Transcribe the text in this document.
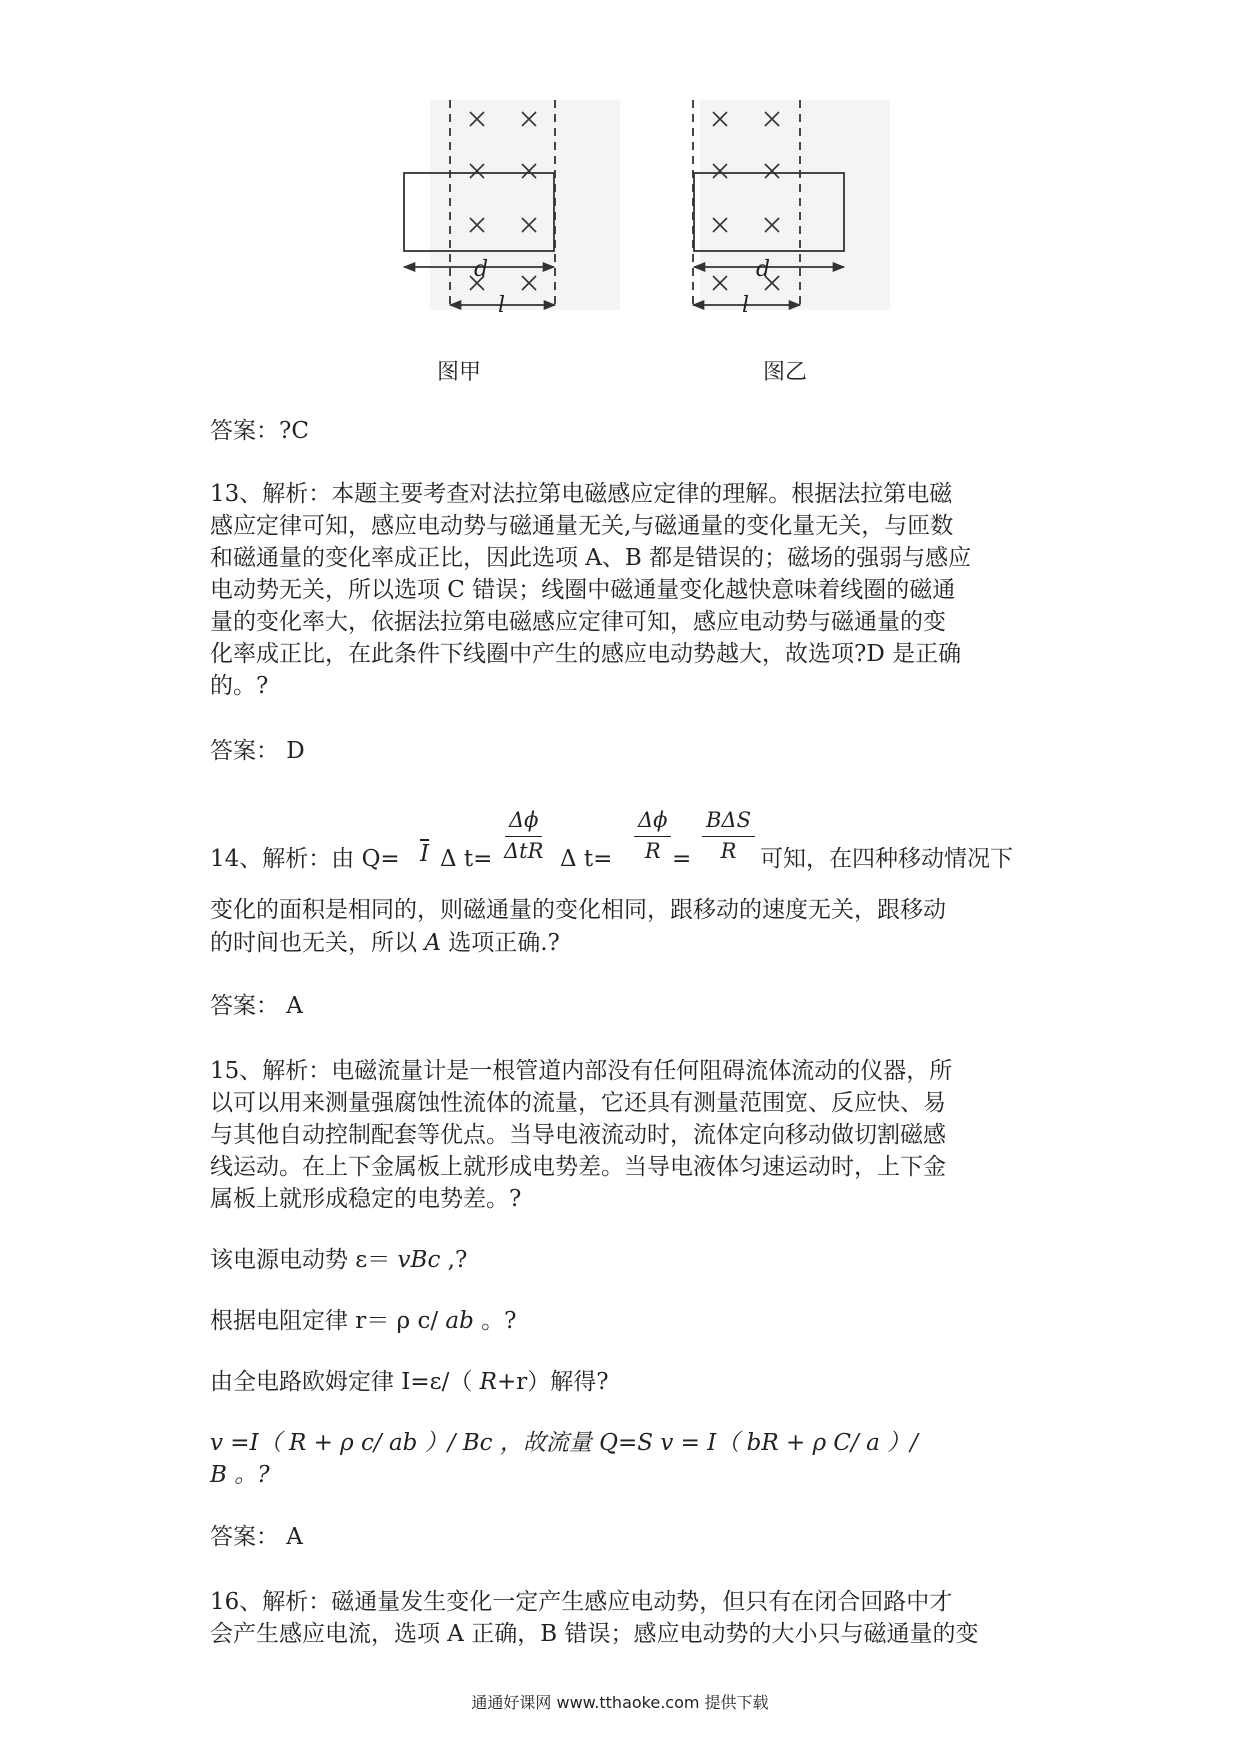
d
l
d
l
图甲	图乙
答案：?C
13、解析：本题主要考查对法拉第电磁感应定律的理解。根据法拉第电磁
感应定律可知，感应电动势与磁通量无关,与磁通量的变化量无关，与匝数
和磁通量的变化率成正比，因此选项 A、B 都是错误的；磁场的强弱与感应
电动势无关，所以选项 C 错误；线圈中磁通量变化越快意味着线圈的磁通
量的变化率大，依据法拉第电磁感应定律可知，感应电动势与磁通量的变
化率成正比，在此条件下线圈中产生的感应电动势越大，故选项?D 是正确
的。?
答案： D
14、解析：由 $Q= \overline{I}$ Δ t=
Δϕ
ΔtR Δ $t= \frac{\Delta\phi}{R}$ =
BΔS
R 可知，在四种移动情况下
变化的面积是相同的，则磁通量的变化相同，跟移动的速度无关，跟移动
的时间也无关，所以 A 选项正确.?
答案： A
15、解析：电磁流量计是一根管道内部没有任何阻碍流体流动的仪器，所
以可以用来测量强腐蚀性流体的流量，它还具有测量范围宽、反应快、易
与其他自动控制配套等优点。当导电液流动时，流体定向移动做切割磁感
线运动。在上下金属板上就形成电势差。当导电液体匀速运动时，上下金
属板上就形成稳定的电势差。?
该电源电动势 ε＝ vBc ,?
根据电阻定律 r＝ ρ c/ ab 。?
由全电路欧姆定律 I=ε/（ R+r）解得?
v =I（ R + ρ c/ ab ）/ Bc ，故流量 Q=S v = I（ bR + ρ C/ a ）/
B 。?
答案： A
16、解析：磁通量发生变化一定产生感应电动势，但只有在闭合回路中才
会产生感应电流，选项 A 正确，B 错误；感应电动势的大小只与磁通量的变
通通好课网 www.tthaoke.com 提供下载
